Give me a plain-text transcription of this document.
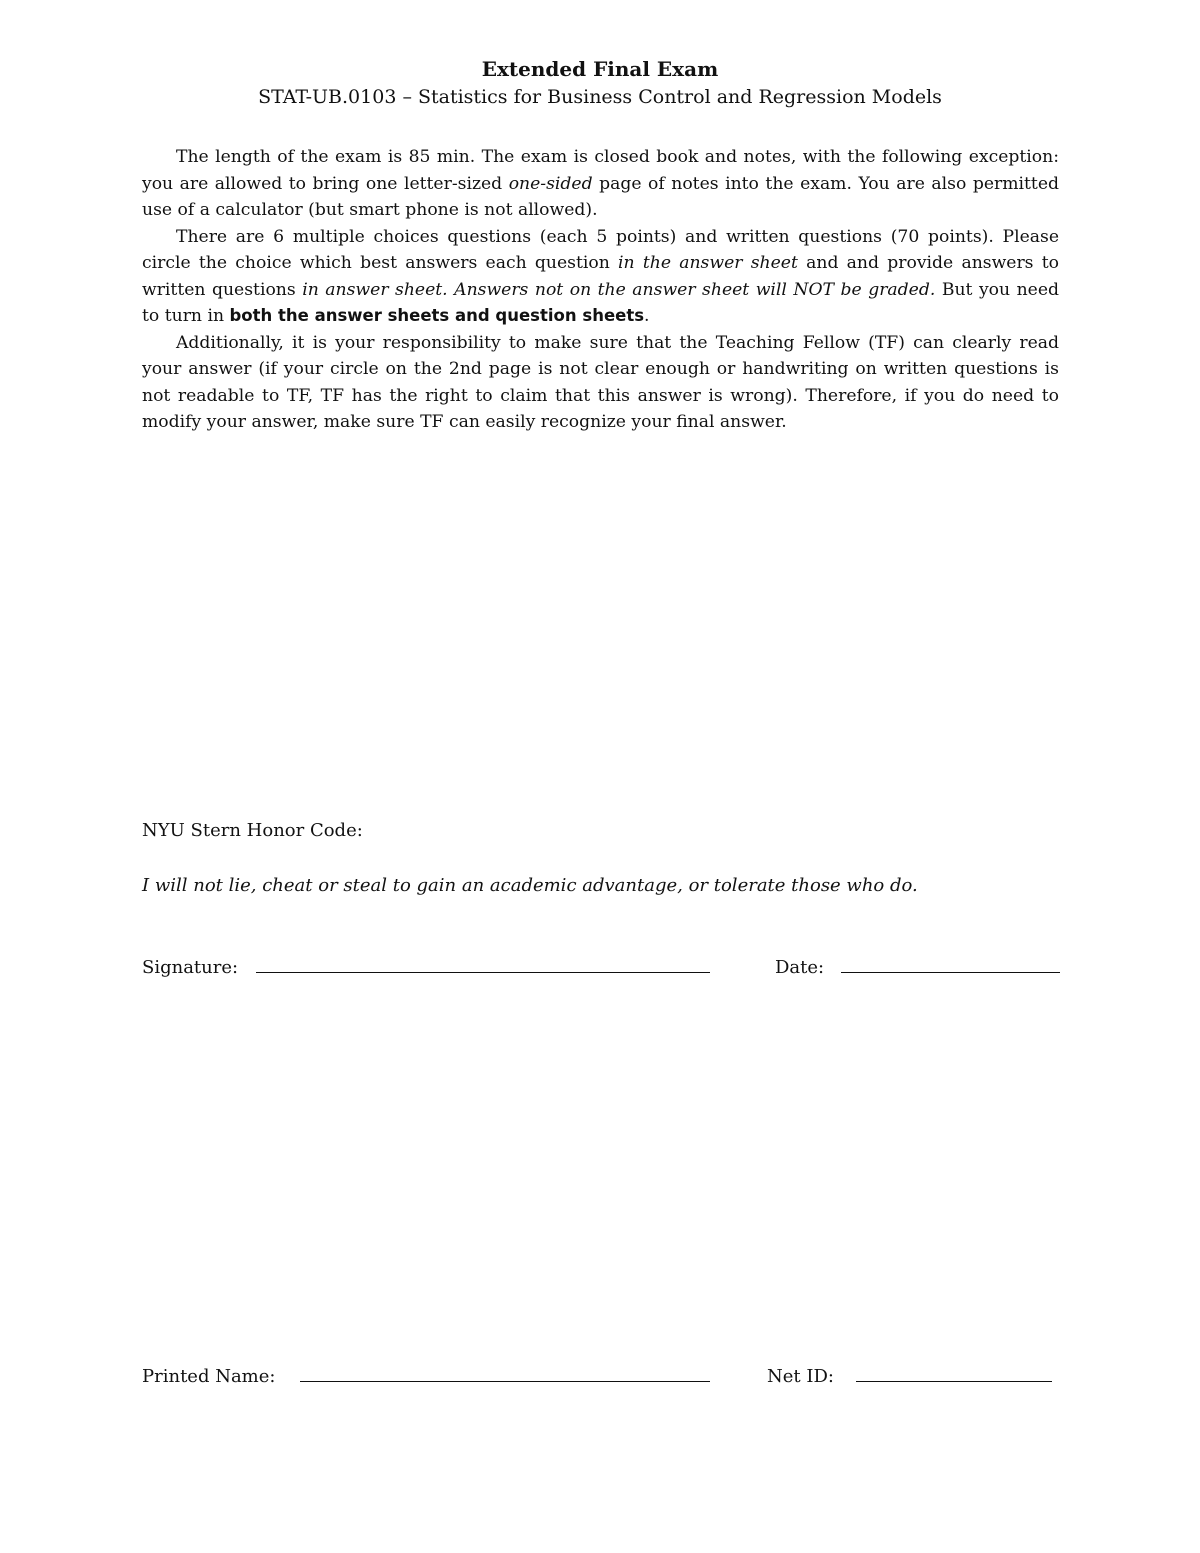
Extended Final Exam
STAT-UB.0103 – Statistics for Business Control and Regression Models

The length of the exam is 85 min. The exam is closed book and notes, with the following exception: you are allowed to bring one letter-sized one-sided page of notes into the exam. You are also permitted use of a calculator (but smart phone is not allowed).

There are 6 multiple choices questions (each 5 points) and written questions (70 points). Please circle the choice which best answers each question in the answer sheet and and provide answers to written questions in answer sheet. Answers not on the answer sheet will NOT be graded. But you need to turn in both the answer sheets and question sheets.

Additionally, it is your responsibility to make sure that the Teaching Fellow (TF) can clearly read your answer (if your circle on the 2nd page is not clear enough or handwriting on written questions is not readable to TF, TF has the right to claim that this answer is wrong). Therefore, if you do need to modify your answer, make sure TF can easily recognize your final answer.

NYU Stern Honor Code:
I will not lie, cheat or steal to gain an academic advantage, or tolerate those who do.
Signature:	Date:
Printed Name:	Net ID:
